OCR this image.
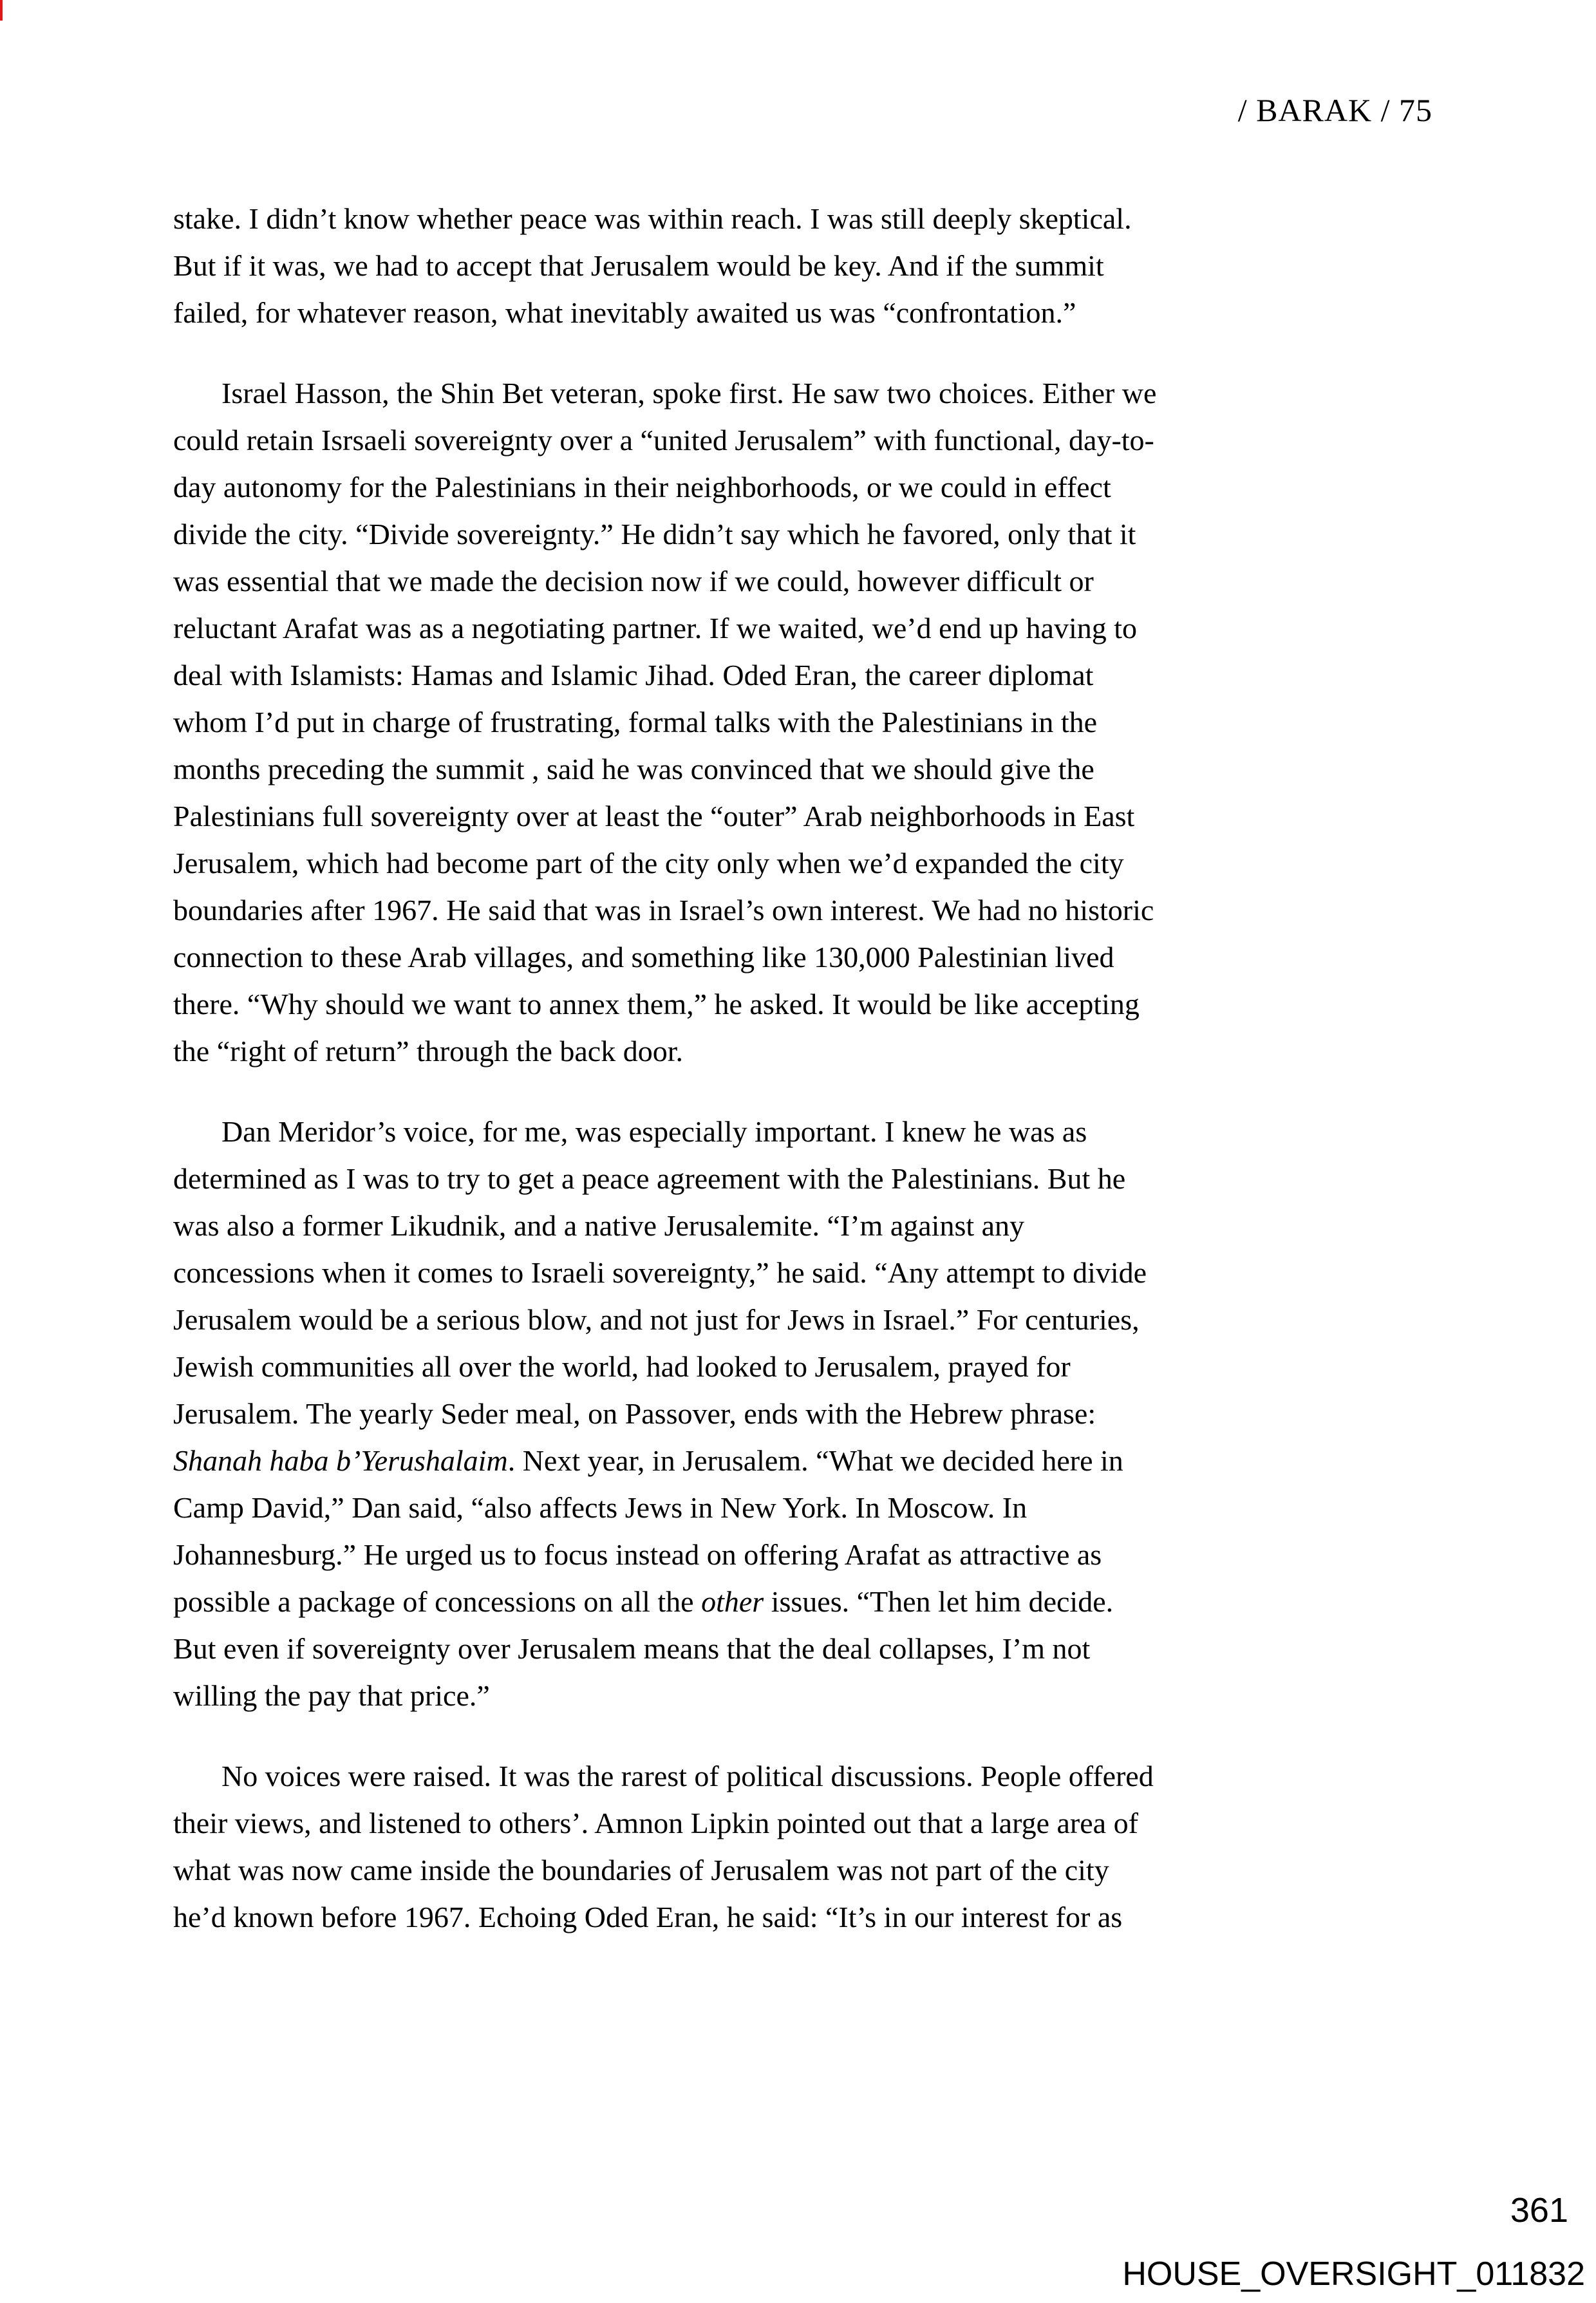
/ BARAK / 75
stake. I didn’t know whether peace was within reach. I was still deeply skeptical.
But if it was, we had to accept that Jerusalem would be key. And if the summit
failed, for whatever reason, what inevitably awaited us was “confrontation.”
Israel Hasson, the Shin Bet veteran, spoke first. He saw two choices. Either we
could retain Isrsaeli sovereignty over a “united Jerusalem” with functional, day-to-
day autonomy for the Palestinians in their neighborhoods, or we could in effect
divide the city. “Divide sovereignty.” He didn’t say which he favored, only that it
was essential that we made the decision now if we could, however difficult or
reluctant Arafat was as a negotiating partner. If we waited, we’d end up having to
deal with Islamists: Hamas and Islamic Jihad. Oded Eran, the career diplomat
whom I’d put in charge of frustrating, formal talks with the Palestinians in the
months preceding the summit , said he was convinced that we should give the
Palestinians full sovereignty over at least the “outer” Arab neighborhoods in East
Jerusalem, which had become part of the city only when we’d expanded the city
boundaries after 1967. He said that was in Israel’s own interest. We had no historic
connection to these Arab villages, and something like 130,000 Palestinian lived
there. “Why should we want to annex them,” he asked. It would be like accepting
the “right of return” through the back door.
Dan Meridor’s voice, for me, was especially important. I knew he was as
determined as I was to try to get a peace agreement with the Palestinians. But he
was also a former Likudnik, and a native Jerusalemite. “I’m against any
concessions when it comes to Israeli sovereignty,” he said. “Any attempt to divide
Jerusalem would be a serious blow, and not just for Jews in Israel.” For centuries,
Jewish communities all over the world, had looked to Jerusalem, prayed for
Jerusalem. The yearly Seder meal, on Passover, ends with the Hebrew phrase:
Shanah haba b’Yerushalaim. Next year, in Jerusalem. “What we decided here in
Camp David,” Dan said, “also affects Jews in New York. In Moscow. In
Johannesburg.” He urged us to focus instead on offering Arafat as attractive as
possible a package of concessions on all the other issues. “Then let him decide.
But even if sovereignty over Jerusalem means that the deal collapses, I’m not
willing the pay that price.”
No voices were raised. It was the rarest of political discussions. People offered
their views, and listened to others’. Amnon Lipkin pointed out that a large area of
what was now came inside the boundaries of Jerusalem was not part of the city
he’d known before 1967. Echoing Oded Eran, he said: “It’s in our interest for as
361
HOUSE_OVERSIGHT_011832
